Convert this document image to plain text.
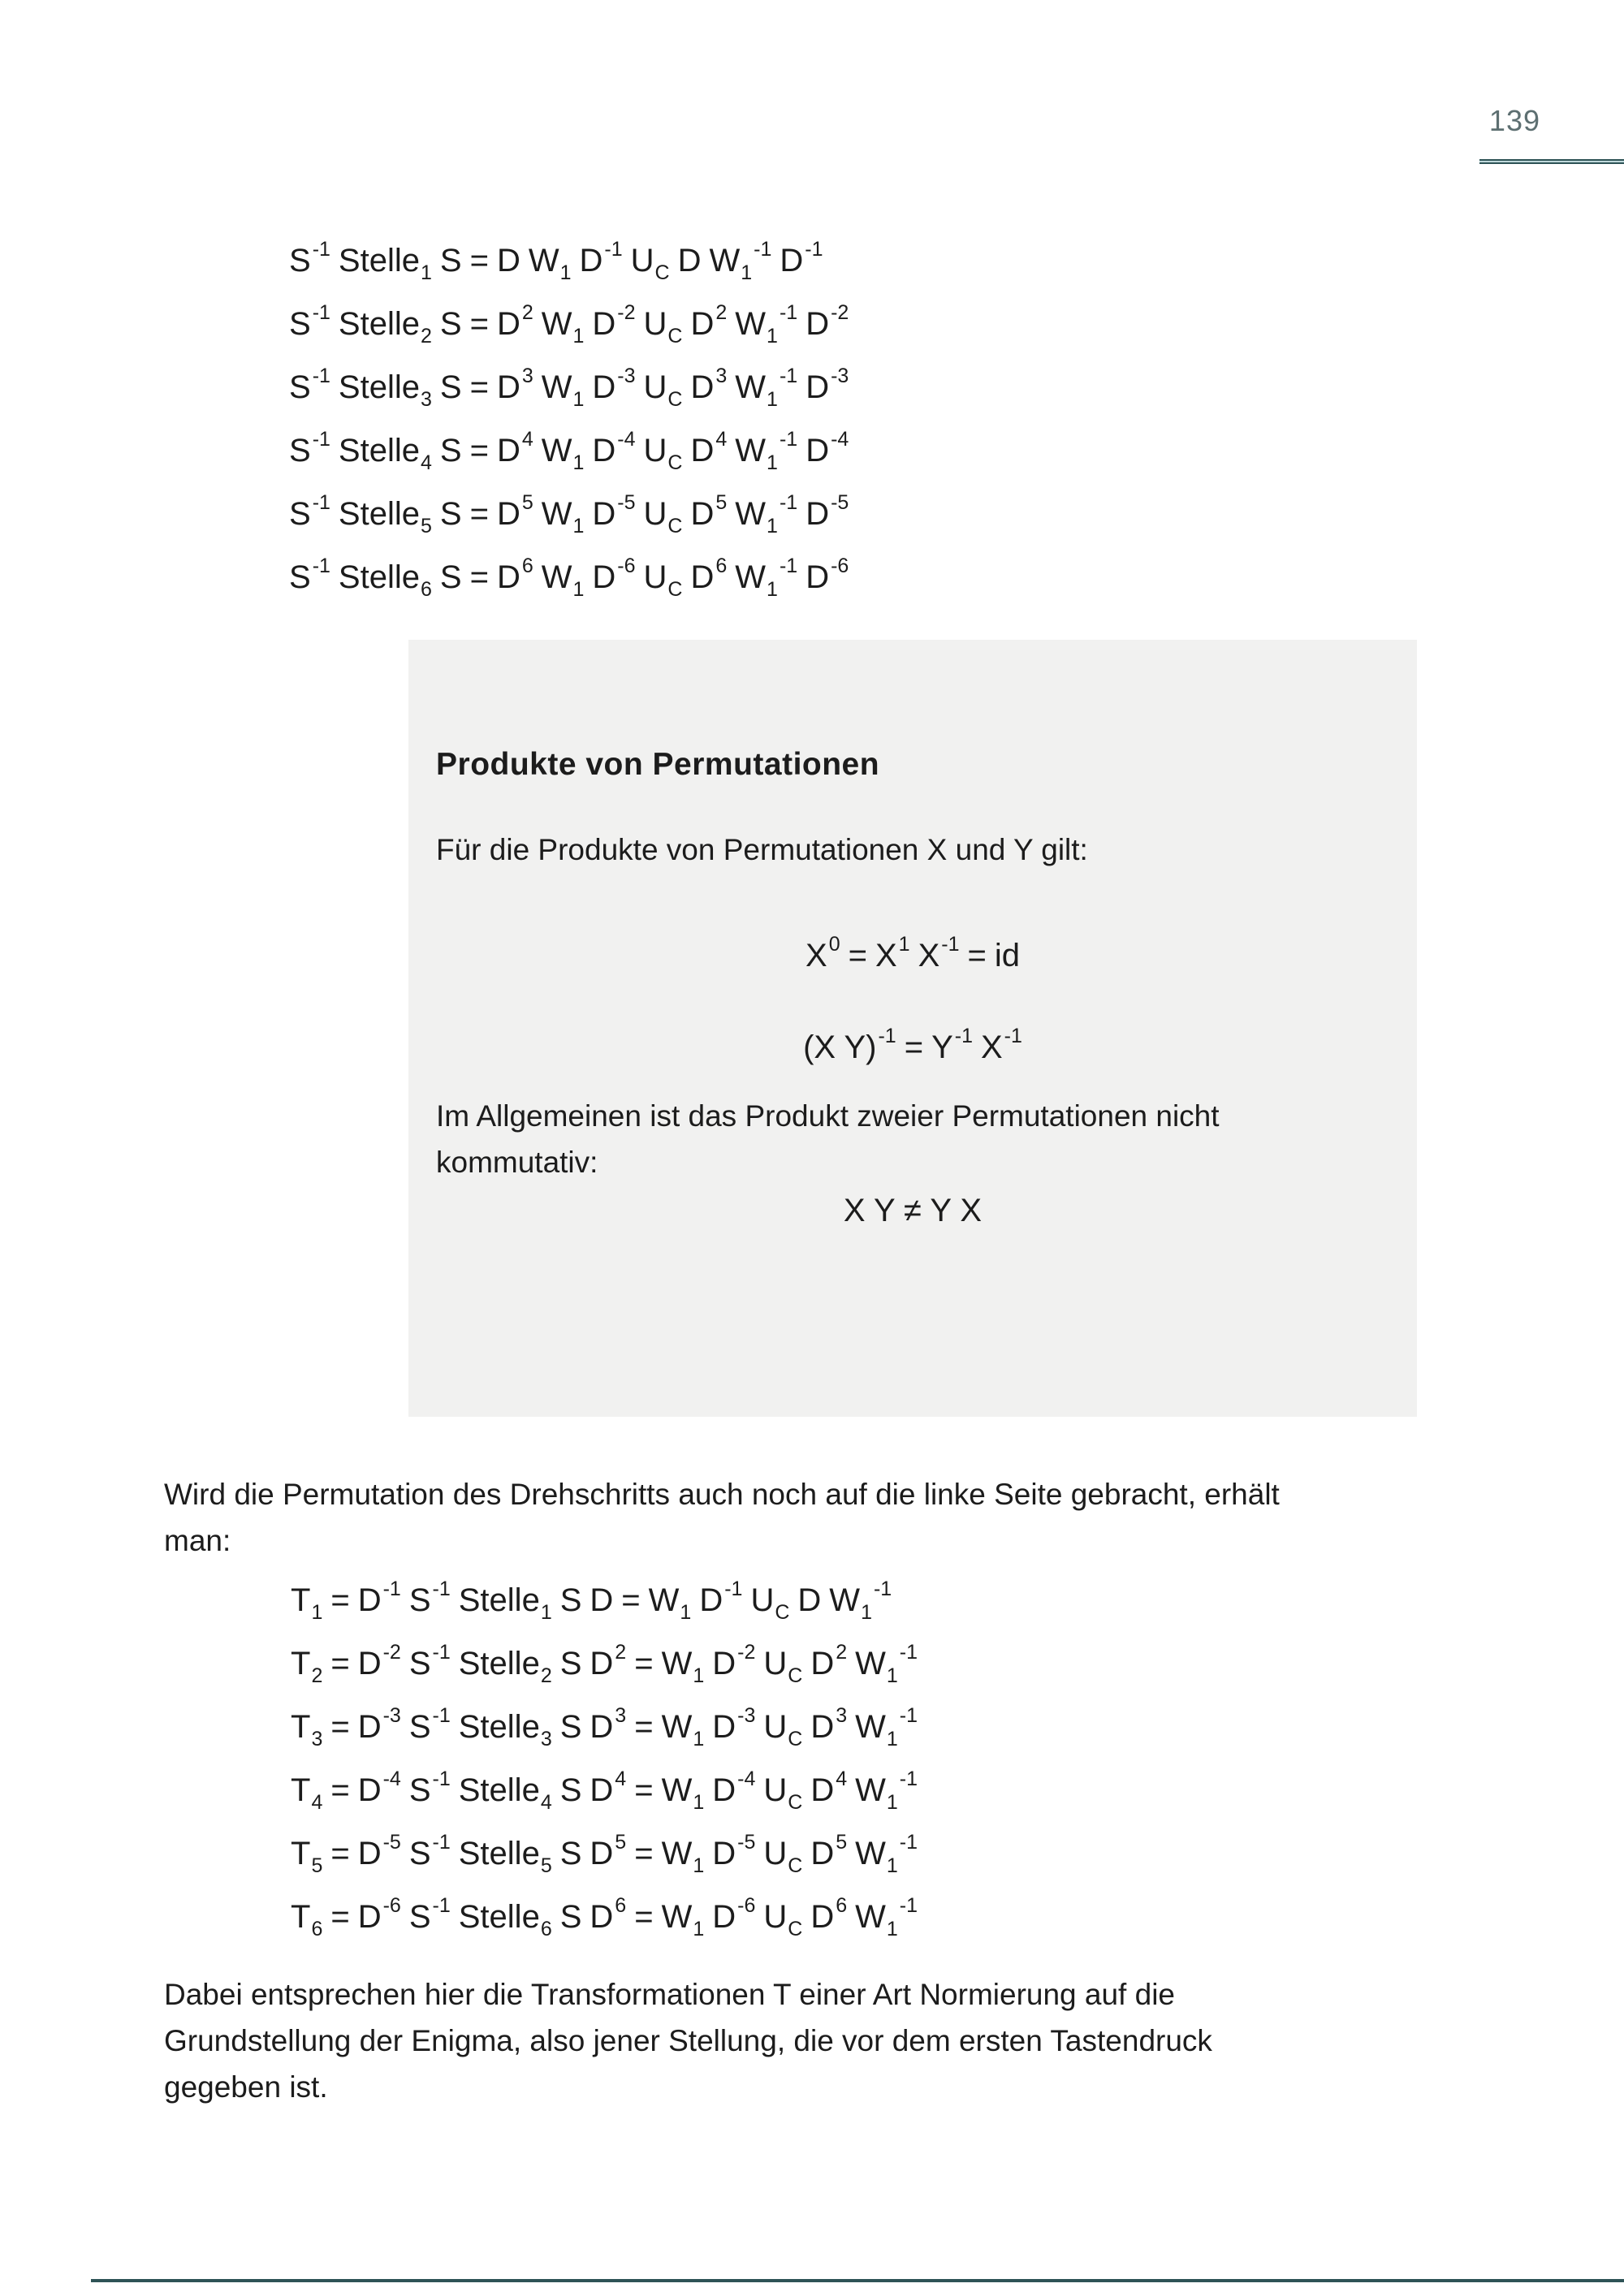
139
$S^{-1}$ Stelle$_1$ S = D $W_1$ $D^{-1}$ $U_C$ D $W_1^{-1}$ $D^{-1}$
$S^{-1}$ Stelle$_2$ $S = D^2$ $W_1$ $D^{-2}$ $U_C$ $D^2$ $W_1^{-1}$ $D^{-2}$
$S^{-1}$ Stelle$_3$ $S = D^3$ $W_1$ $D^{-3}$ $U_C$ $D^3$ $W_1^{-1}$ $D^{-3}$
$S^{-1}$ Stelle$_4$ $S = D^4$ $W_1$ $D^{-4}$ $U_C$ $D^4$ $W_1^{-1}$ $D^{-4}$
$S^{-1}$ Stelle$_5$ $S = D^5$ $W_1$ $D^{-5}$ $U_C$ $D^5$ $W_1^{-1}$ $D^{-5}$
$S^{-1}$ Stelle$_6$ $S = D^6$ $W_1$ $D^{-6}$ $U_C$ $D^6$ $W_1^{-1}$ $D^{-6}$
Produkte von Permutationen
Für die Produkte von Permutationen X und Y gilt:
$X^0 = X^1$ $X^{-1}$ = id
(X $Y)^{-1} = Y^{-1}$ $X^{-1}$
Im Allgemeinen ist das Produkt zweier Permutationen nicht
kommutativ:
X Y ≠ Y X
Wird die Permutation des Drehschritts auch noch auf die linke Seite gebracht, erhält
man:
$T_1 = D^{-1}$ $S^{-1}$ Stelle$_1$ S $D = W_1$ $D^{-1}$ $U_C$ D $W_1^{-1}$
$T_2 = D^{-2}$ $S^{-1}$ Stelle$_2$ S $D^2 = W_1$ $D^{-2}$ $U_C$ $D^2$ $W_1^{-1}$
$T_3 = D^{-3}$ $S^{-1}$ Stelle$_3$ S $D^3 = W_1$ $D^{-3}$ $U_C$ $D^3$ $W_1^{-1}$
$T_4 = D^{-4}$ $S^{-1}$ Stelle$_4$ S $D^4 = W_1$ $D^{-4}$ $U_C$ $D^4$ $W_1^{-1}$
$T_5 = D^{-5}$ $S^{-1}$ Stelle$_5$ S $D^5 = W_1$ $D^{-5}$ $U_C$ $D^5$ $W_1^{-1}$
$T_6 = D^{-6}$ $S^{-1}$ Stelle$_6$ S $D^6 = W_1$ $D^{-6}$ $U_C$ $D^6$ $W_1^{-1}$
Dabei entsprechen hier die Transformationen T einer Art Normierung auf die
Grundstellung der Enigma, also jener Stellung, die vor dem ersten Tastendruck
gegeben ist.
